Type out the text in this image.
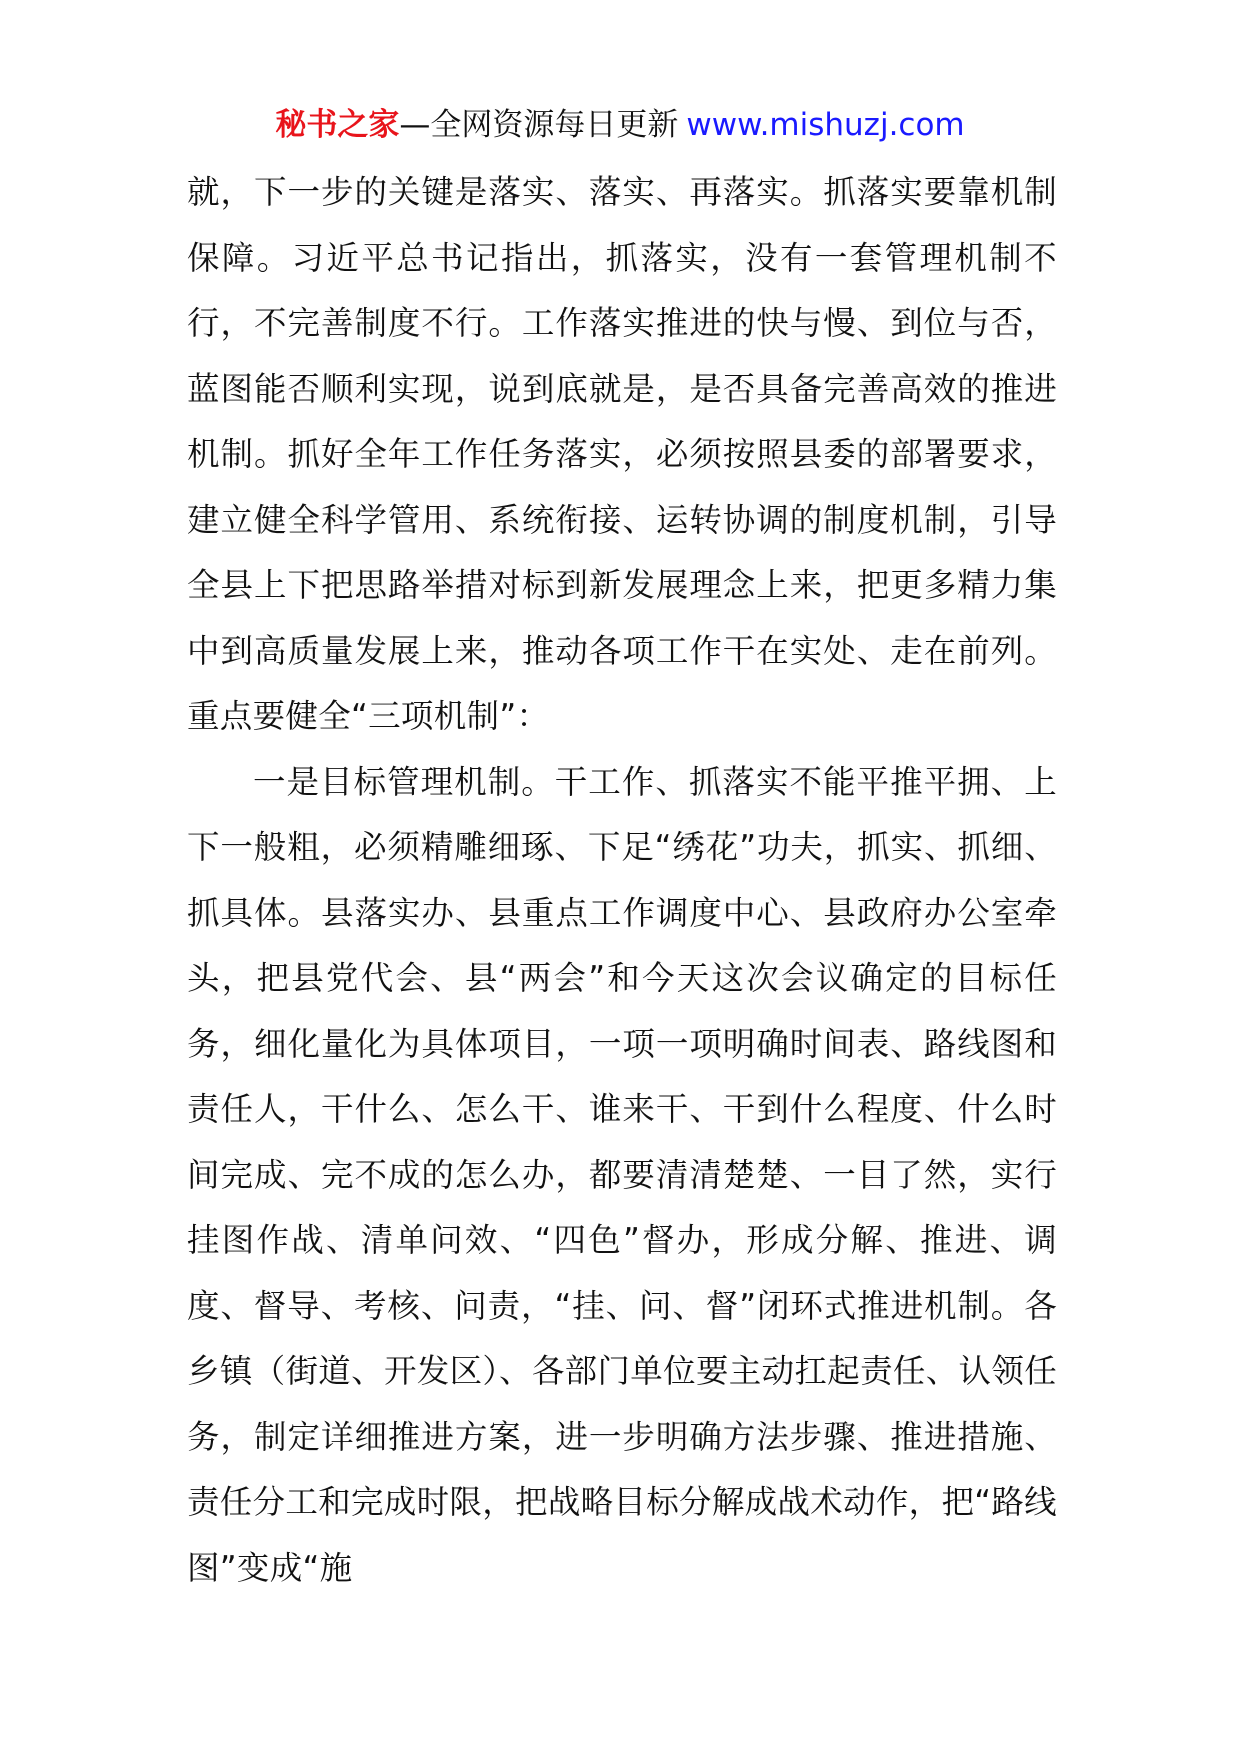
秘书之家—全网资源每日更新 www.mishuzj.com

就，下一步的关键是落实、落实、再落实。抓落实要靠机制保障。习近平总书记指出，抓落实，没有一套管理机制不行，不完善制度不行。工作落实推进的快与慢、到位与否，蓝图能否顺利实现，说到底就是，是否具备完善高效的推进机制。抓好全年工作任务落实，必须按照县委的部署要求，建立健全科学管用、系统衔接、运转协调的制度机制，引导全县上下把思路举措对标到新发展理念上来，把更多精力集中到高质量发展上来，推动各项工作干在实处、走在前列。重点要健全“三项机制”：

一是目标管理机制。干工作、抓落实不能平推平拥、上下一般粗，必须精雕细琢、下足“绣花”功夫，抓实、抓细、抓具体。县落实办、县重点工作调度中心、县政府办公室牵头，把县党代会、县“两会”和今天这次会议确定的目标任务，细化量化为具体项目，一项一项明确时间表、路线图和责任人，干什么、怎么干、谁来干、干到什么程度、什么时间完成、完不成的怎么办，都要清清楚楚、一目了然，实行挂图作战、清单问效、“四色”督办，形成分解、推进、调度、督导、考核、问责，“挂、问、督”闭环式推进机制。各乡镇（街道、开发区）、各部门单位要主动扛起责任、认领任务，制定详细推进方案，进一步明确方法步骤、推进措施、责任分工和完成时限，把战略目标分解成战术动作，把“路线图”变成“施
